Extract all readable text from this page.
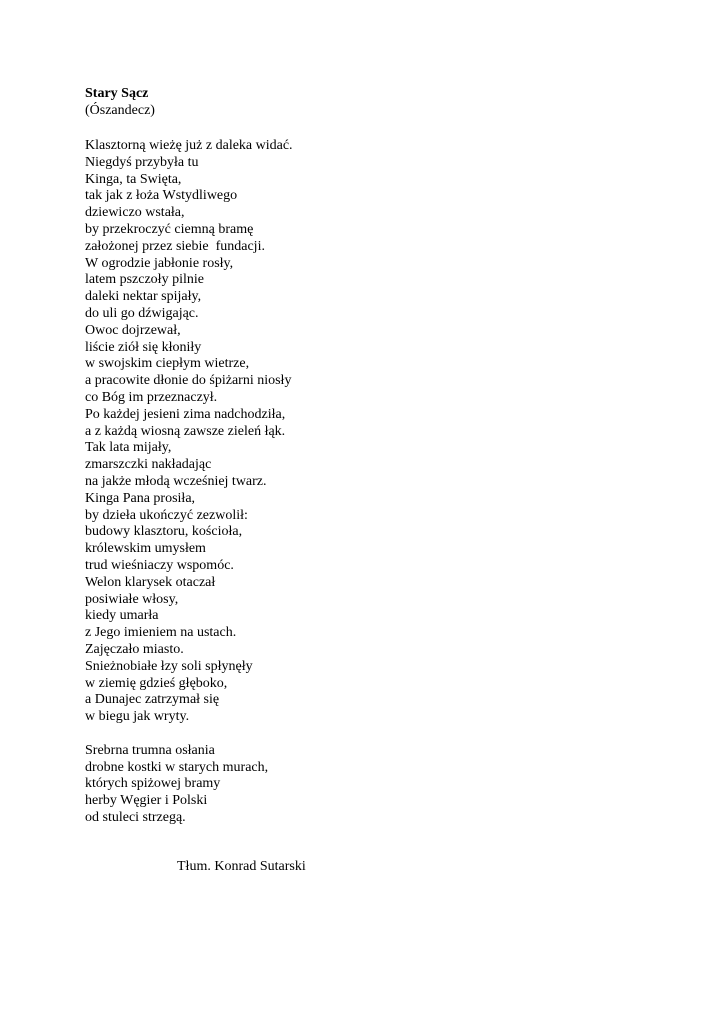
Stary Sącz
(Ószandecz)
Klasztorną wieżę już z daleka widać.
Niegdyś przybyła tu
Kinga, ta Swięta,
tak jak z łoża Wstydliwego
dziewiczo wstała,
by przekroczyć ciemną bramę
założonej przez siebie  fundacji.
W ogrodzie jabłonie rosły,
latem pszczoły pilnie
daleki nektar spijały,
do uli go dźwigając.
Owoc dojrzewał,
liście ziół się kłoniły
w swojskim ciepłym wietrze,
a pracowite dłonie do śpiżarni niosły
co Bóg im przeznaczył.
Po każdej jesieni zima nadchodziła,
a z każdą wiosną zawsze zieleń łąk.
Tak lata mijały,
zmarszczki nakładając
na jakże młodą wcześniej twarz.
Kinga Pana prosiła,
by dzieła ukończyć zezwolił:
budowy klasztoru, kościoła,
królewskim umysłem
trud wieśniaczy wspomóc.
Welon klarysek otaczał
posiwiałe włosy,
kiedy umarła
z Jego imieniem na ustach.
Zajęczało miasto.
Snieżnobiałe łzy soli spłynęły
w ziemię gdzieś głęboko,
a Dunajec zatrzymał się
w biegu jak wryty.
Srebrna trumna osłania
drobne kostki w starych murach,
których spiżowej bramy
herby Węgier i Polski
od stuleci strzegą.
Tłum. Konrad Sutarski
